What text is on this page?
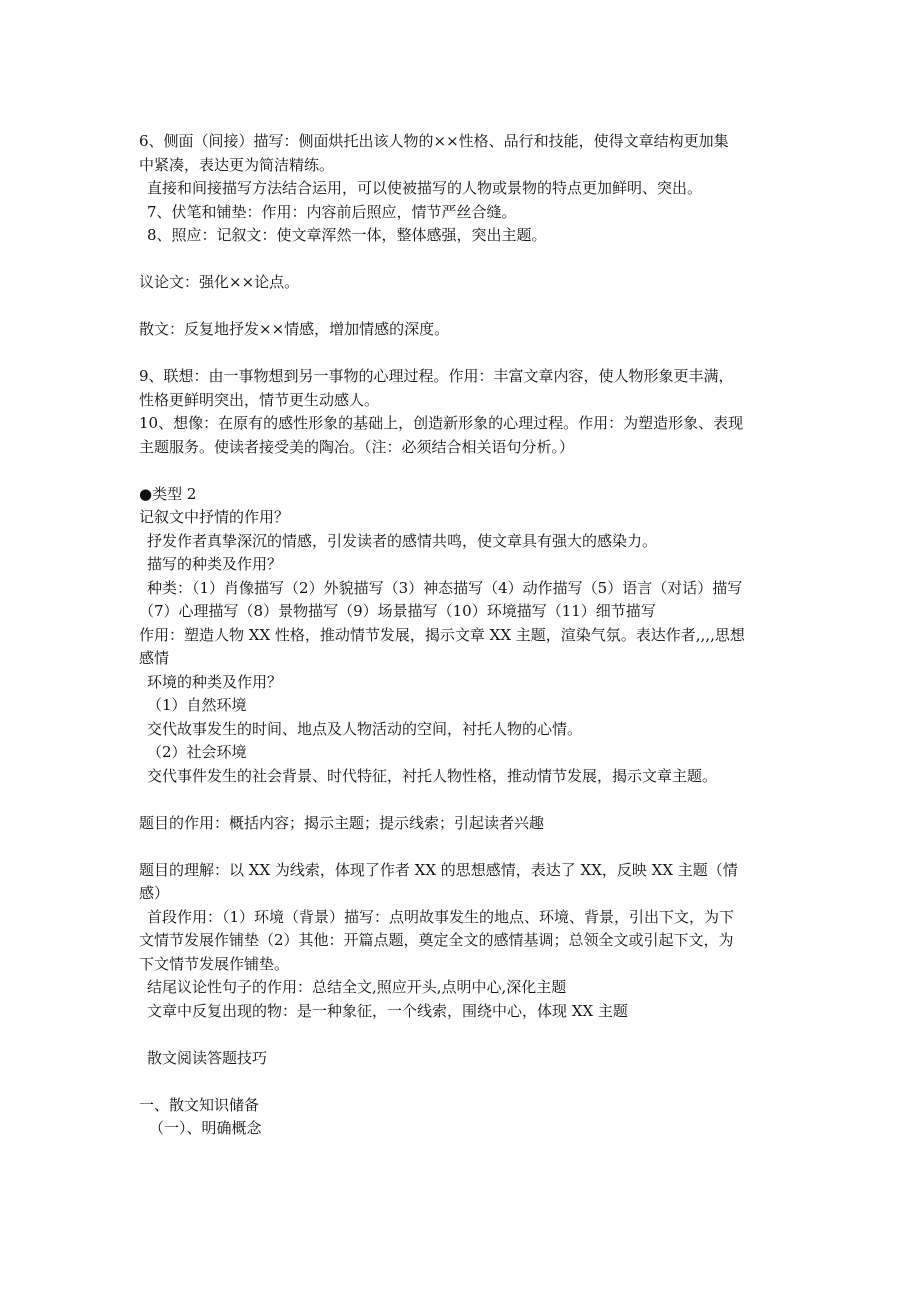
6、侧面（间接）描写：侧面烘托出该人物的××性格、品行和技能，使得文章结构更加集
中紧凑，表达更为简洁精练。
直接和间接描写方法结合运用，可以使被描写的人物或景物的特点更加鲜明、突出。
7、伏笔和铺垫：作用：内容前后照应，情节严丝合缝。
8、照应：记叙文：使文章浑然一体，整体感强，突出主题。
议论文：强化××论点。
散文：反复地抒发××情感，增加情感的深度。
9、联想：由一事物想到另一事物的心理过程。作用：丰富文章内容，使人物形象更丰满，
性格更鲜明突出，情节更生动感人。
10、想像：在原有的感性形象的基础上，创造新形象的心理过程。作用：为塑造形象、表现
主题服务。使读者接受美的陶冶。（注：必须结合相关语句分析。）
●类型 2
记叙文中抒情的作用？
抒发作者真挚深沉的情感，引发读者的感情共鸣，使文章具有强大的感染力。
描写的种类及作用？
种类：（1）肖像描写（2）外貌描写（3）神态描写（4）动作描写（5）语言（对话）描写
（7）心理描写（8）景物描写（9）场景描写（10）环境描写（11）细节描写
作用：塑造人物 XX 性格，推动情节发展，揭示文章 XX 主题，渲染气氛。表达作者,,,,思想
感情
环境的种类及作用？
（1）自然环境
交代故事发生的时间、地点及人物活动的空间，衬托人物的心情。
（2）社会环境
交代事件发生的社会背景、时代特征，衬托人物性格，推动情节发展，揭示文章主题。
题目的作用：概括内容；揭示主题；提示线索；引起读者兴趣
题目的理解：以 XX 为线索，体现了作者 XX 的思想感情，表达了 XX，反映 XX 主题（情
感）
首段作用：（1）环境（背景）描写：点明故事发生的地点、环境、背景，引出下文，为下
文情节发展作铺垫（2）其他：开篇点题，奠定全文的感情基调；总领全文或引起下文，为
下文情节发展作铺垫。
结尾议论性句子的作用：总结全文,照应开头,点明中心,深化主题
文章中反复出现的物：是一种象征，一个线索，围绕中心，体现 XX 主题
散文阅读答题技巧
一、散文知识储备
（一）、明确概念
